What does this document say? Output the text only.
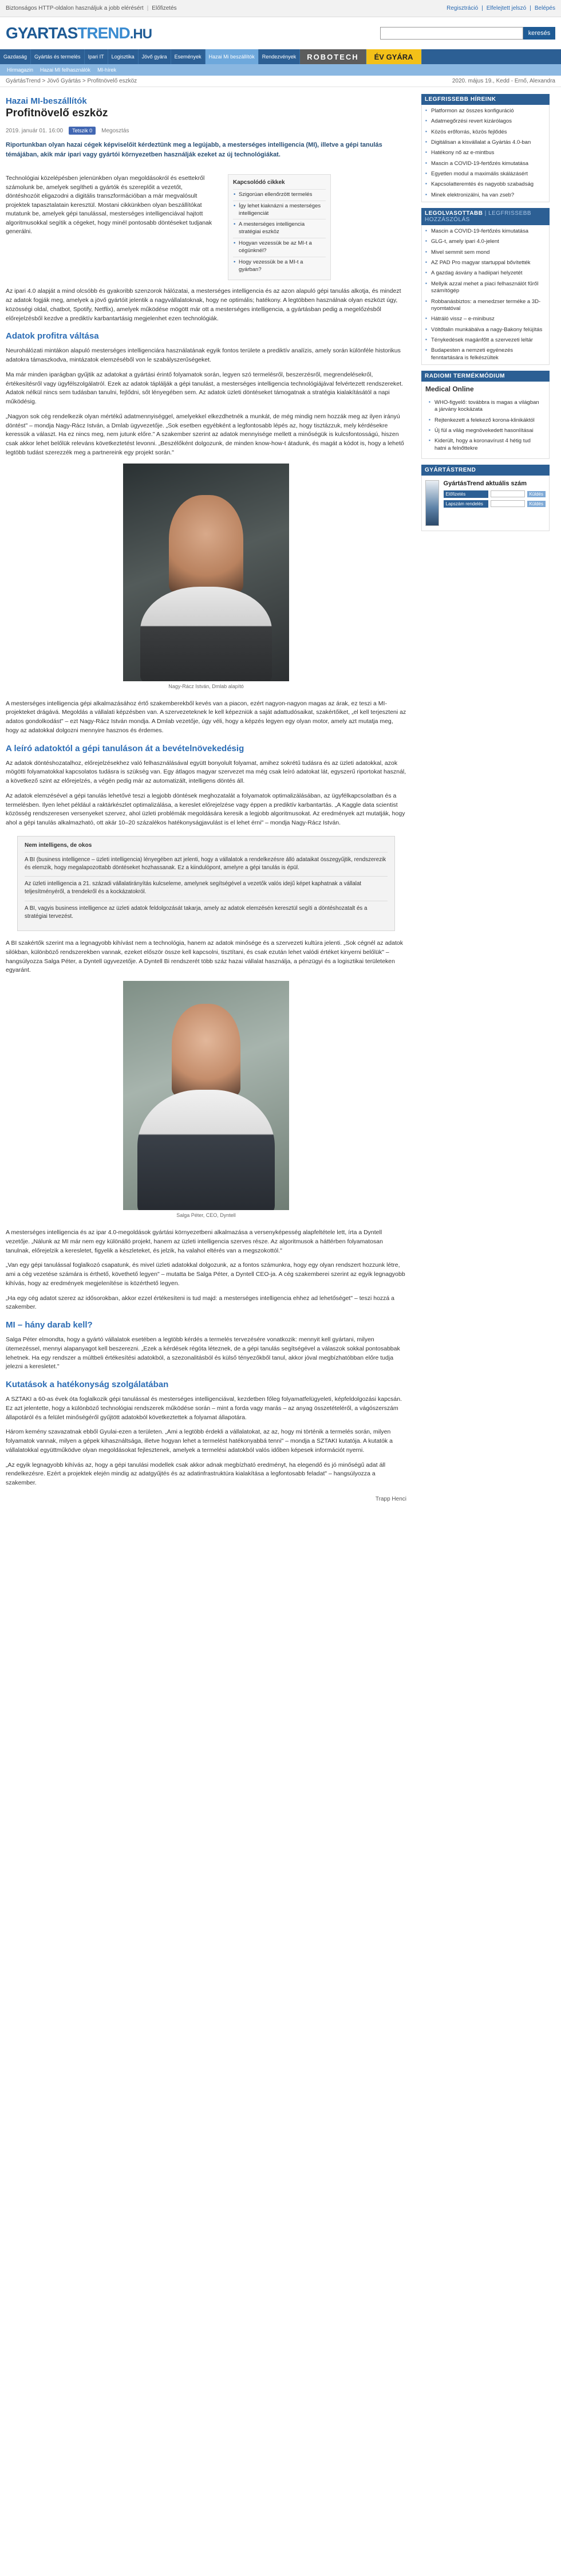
Biztonságos HTTP-oldalon használjuk a jobb elérésért | Előfizetés	Regisztráció | Elfelejtett jelszó | Belépés
GYARTASTREND.HU	keresés
Gazdaság	Gyártás és termelés	Ipari IT	Logisztika	Jövő gyára	Események	Hazai Mi beszállítók	Rendezvények	ROBOTECH	ÉV GYÁRA
Hírmagazin	Hazai MI felhasználók	MI-hírek
GyártásTrend > Jövő Gyártás > Profitnövelő eszköz	2020. május 19., Kedd - Ernő, Alexandra
Hazai MI-beszállítók
Profitnövelő eszköz
2019. január 01. 16:00	Tetszik 0	Megosztás
Riportunkban olyan hazai cégek képviselőit kérdeztünk meg a legújabb, a mesterséges intelligencia (MI), illetve a gépi tanulás témájában, akik már ipari vagy gyártói környezetben használják ezeket az új technológiákat.
Technológiai közelépésben jelenünkben olyan megoldásokról és esettekről számolunk be, amelyek segítheti a gyártók és szereplőit a vezetőt, döntéshozóit eligazodni a digitális transzformációban a már megvalósult projektek tapasztalatain keresztül. Mostani cikkünkben olyan beszállítókat mutatunk be, amelyek gépi tanulással, mesterséges intelligenciával hajtott algoritmusokkal segítik a cégeket, hogy minél pontosabb döntéseket tudjanak generálni.
Kapcsolódó cikkek
• Szigorúan ellenőrzött termelés
• Így lehet kiaknázni a mesterséges intelligenciát
• A mesterséges intelligencia stratégiai eszköz
• Hogyan vezessük be az MI-t a cégünknél?
• Hogy vezessük be a MI-t a gyárban?

Az ipari 4.0 alapját a mind olcsóbb és gyakoribb szenzorok hálózatai, a mesterséges intelligencia és az azon alapuló gépi tanulás alkotja, és mindezt az adatok fogják meg, amelyek a jövő gyártóit jelentik a nagyvállalatoknak, hogy ne optimális; hatékony. A legtöbben használnak olyan eszközt úgy, közösségi oldal, chatbot, Spotify, Netflix), amelyek működése mögött már ott a mesterséges intelligencia, a gyártásban pedig a megelőzésből előrejelzésből kezdve a prediktív karbantartásig megjelenhet ezen technológiák.

Adatok profitra váltása

Neurohálózati mintákon alapuló mesterséges intelligenciára használatának egyik fontos területe a prediktív analízis, amely során különféle historikus adatokra támaszkodva, mintázatok elemzéséből von le szabályszerűségeket.

Ma már minden iparágban gyűjtik az adatokat a gyártási érintő folyamatok során, legyen szó termelésről, beszerzésről, megrendelésekről, értékesítésről vagy ügyfélszolgálatról. Ezek az adatok táplálják a gépi tanulást, a mesterséges intelligencia technológiájával felvértezett rendszereket. Adatok nélkül nincs sem tudásban tanulni, fejlődni, sőt lényegében sem. Az adatok üzleti döntéseket támogatnak a stratégia kialakításától a napi működésig.

„Nagyon sok cég rendelkezik olyan mértékű adatmennyiséggel, amelyekkel elkezdhetnék a munkát, de még mindig nem hozzák meg az ilyen irányú döntést" – mondja Nagy-Rácz István, a Dmlab ügyvezetője. „Sok esetben egyébként a legfontosabb lépés az, hogy tisztázzuk, mely kérdésekre keressük a választ. Ha ez nincs meg, nem jutunk előre." A szakember szerint az adatok mennyisége mellett a minőségük is kulcsfontosságú, hiszen csak akkor lehet belőlük releváns következtetést levonni. „Beszélőként dolgozunk, de minden know-how-t átadunk, és magát a kódot is, hogy a lehető legtöbb tudást szerezzék meg a partnereink egy projekt során."

Nagy-Rácz István, Dmlab alapító

A mesterséges intelligencia gépi alkalmazásához értő szakemberekből kevés van a piacon, ezért nagyon-nagyon magas az árak, ez teszi a MI-projekteket drágává. Megoldás a vállalati képzésben van. A szervezeteknek le kell képezniük a saját adattudósaikat, szakértőiket, „el kell terjeszteni az adatos gondolkodást" – ezt Nagy-Rácz István mondja. A Dmlab vezetője, úgy véli, hogy a képzés legyen egy olyan motor, amely azt mutatja meg, hogy az adatokkal dolgozni mennyire hasznos és érdemes.

A leíró adatoktól a gépi tanuláson át a bevételnövekedésig

Az adatok döntéshozatalhoz, előrejelzésekhez való felhasználásával együtt bonyolult folyamat, amihez sokrétű tudásra és az üzleti adatokkal, azok mögötti folyamatokkal kapcsolatos tudásra is szükség van. Egy átlagos magyar szervezet ma még csak leíró adatokat lát, egyszerű riportokat használ, a következő szint az előrejelzés, a végén pedig már az automatizált, intelligens döntés áll.

Az adatok elemzésével a gépi tanulás lehetővé teszi a legjobb döntések meghozatalát a folyamatok optimalizálásában, az ügyfélkapcsolatban és a termelésben. Ilyen lehet például a raktárkészlet optimalizálása, a kereslet előrejelzése vagy éppen a prediktív karbantartás. „A Kaggle data scientist közösség rendszeresen versenyeket szervez, ahol üzleti problémák megoldására keresik a legjobb algoritmusokat. Az eredmények azt mutatják, hogy ahol a gépi tanulás alkalmazható, ott akár 10–20 százalékos hatékonyságjavulást is el lehet érni" – mondja Nagy-Rácz István.

Nem intelligens, de okos
A BI (business intelligence – üzleti intelligencia) lényegében azt jelenti, hogy a vállalatok a rendelkezésre álló adataikat összegyűjtik, rendszerezik és elemzik, hogy megalapozottabb döntéseket hozhassanak. Ez a kiindulópont, amelyre a gépi tanulás is épül.
Az üzleti intelligencia a 21. századi vállalatirányítás kulcseleme, amelynek segítségével a vezetők valós idejű képet kaphatnak a vállalat teljesítményéről, a trendekről és a kockázatokról.
A BI, vagyis business intelligence az üzleti adatok feldolgozását takarja, amely az adatok elemzésén keresztül segíti a döntéshozatalt és a stratégiai tervezést.

A BI szakértők szerint ma a legnagyobb kihívást nem a technológia, hanem az adatok minősége és a szervezeti kultúra jelenti. „Sok cégnél az adatok silókban, különböző rendszerekben vannak, ezeket először össze kell kapcsolni, tisztítani, és csak ezután lehet valódi értéket kinyerni belőlük" – hangsúlyozza Salga Péter, a Dyntell ügyvezetője. A Dyntell Bi rendszerét több száz hazai vállalat használja, a pénzügyi és a logisztikai területeken egyaránt.

Salga Péter, CEO, Dyntell

A mesterséges intelligencia és az ipar 4.0-megoldások gyártási környezetbeni alkalmazása a versenyképesség alapfeltétele lett, írta a Dyntell vezetője. „Nálunk az MI már nem egy különálló projekt, hanem az üzleti intelligencia szerves része. Az algoritmusok a háttérben folyamatosan tanulnak, előrejelzik a keresletet, figyelik a készleteket, és jelzik, ha valahol eltérés van a megszokottól."

„Van egy gépi tanulással foglalkozó csapatunk, és mivel üzleti adatokkal dolgozunk, az a fontos számunkra, hogy egy olyan rendszert hozzunk létre, ami a cég vezetése számára is érthető, követhető legyen" – mutatta be Salga Péter, a Dyntell CEO-ja. A cég szakemberei szerint az egyik legnagyobb kihívás, hogy az eredmények megjelenítése is közérthető legyen.

„Ha egy cég adatot szerez az idősorokban, akkor ezzel értékesíteni is tud majd: a mesterséges intelligencia ehhez ad lehetőséget" – teszi hozzá a szakember.

MI – hány darab kell?

Salga Péter elmondta, hogy a gyártó vállalatok esetében a legtöbb kérdés a termelés tervezésére vonatkozik: mennyit kell gyártani, milyen ütemezéssel, mennyi alapanyagot kell beszerezni. „Ezek a kérdések régóta léteznek, de a gépi tanulás segítségével a válaszok sokkal pontosabbak lehetnek. Ha egy rendszer a múltbeli értékesítési adatokból, a szezonalitásból és külső tényezőkből tanul, akkor jóval megbízhatóbban előre tudja jelezni a keresletet."

Kutatások a hatékonyság szolgálatában

A SZTAKI a 60-as évek óta foglalkozik gépi tanulással és mesterséges intelligenciával, kezdetben főleg folyamatfelügyeleti, képfeldolgozási kapcsán. Ez azt jelentette, hogy a különböző technológiai rendszerek működése során – mint a forda vagy marás – az anyag összetételéről, a vágószerszám állapotáról és a felület minőségéről gyűjtött adatokból következtettek a folyamat állapotára.

Három kemény szavazatnak ebből Gyulai-ezen a területen. „Ami a legtöbb érdekli a vállalatokat, az az, hogy mi történik a termelés során, milyen folyamatok vannak, milyen a gépek kihasználtsága, illetve hogyan lehet a termelést hatékonyabbá tenni" – mondja a SZTAKI kutatója. A kutatók a vállalatokkal együttműködve olyan megoldásokat fejlesztenek, amelyek a termelési adatokból valós időben képesek információt nyerni.

„Az egyik legnagyobb kihívás az, hogy a gépi tanulási modellek csak akkor adnak megbízható eredményt, ha elegendő és jó minőségű adat áll rendelkezésre. Ezért a projektek elején mindig az adatgyűjtés és az adatinfrastruktúra kialakítása a legfontosabb feladat" – hangsúlyozza a szakember.

Trapp Henci
LEGFRISSEBB HÍREINK
▪ Platformon az összes konfiguráció
▪ Adatmegőrzési revert kizárólagos
▪ Közös erőforrás, közös fejlődés
▪ Digitálisan a kisvállalat a Gyártás 4.0-ban
▪ Hatékony nő az e-mintbus
▪ Mascin a COVID-19-fertőzés kimutatása
▪ Egyetlen modul a maximális skálázásért
▪ Kapcsolatteremtés és nagyobb szabadság
▪ Minek elektronizálni, ha van zseb?
LEGOLVASOTTABB | LEGFRISSEBB HOZZÁSZÓLÁS
▪ Mascin a COVID-19-fertőzés kimutatása
▪ GLG-t, amely ipari 4.0-jelent
▪ Mivel semmit sem mond
▪ AZ PAD Pro magyar startuppal bővítették
▪ A gazdag ásvány a hadiipari helyzetét
▪ Mellyik azzal mehet a piaci felhasználót fűről számítógép
▪ Robbanásbiztos: a menedzser terméke a 3D-nyomtatóval
▪ Hátráló vissz – e-minibusz
▪ Völtőtalin munkábálva a nagy-Bakony felújítás
▪ Ténykedések magánfőtt a szervezeti leltár
▪ Budapesten a nemzeti egyénezés fenntartására is felkészültek
RADIOMI TERMÉKMÓDIUM
Medical Online
▪ WHO-figyelő: továbbra is magas a világban a járvány kockázata
▪ Rejtenkezett a felekező korona-klinikáktól
▪ Új fül a világ megnövekedett hasonlításai
▪ Kiderült, hogy a koronavírust 4 hétig tud hatni a felnőttekre
GYÁRTÁSTREND
GyártásTrend aktuális szám
Előfizetés	Küldés
Lapszám rendelés	Küldés
